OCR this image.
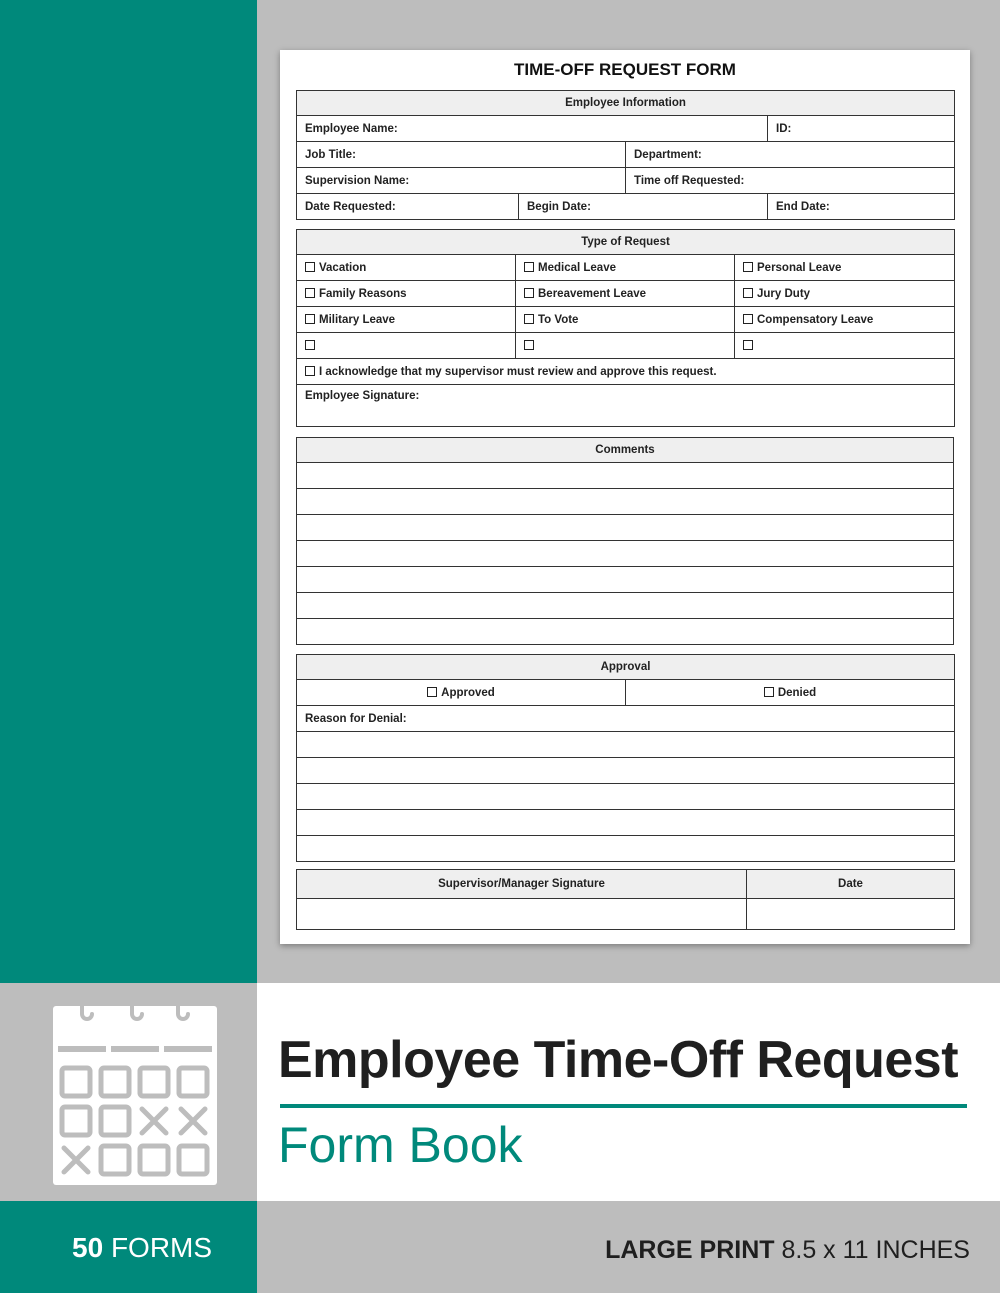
TIME-OFF REQUEST FORM
Employee Information			
Employee Name:			ID:
Job Title:		Department:	
Supervision Name:		Time off Requested:	
Date Requested:	Begin Date:		End Date:
Type of Request		
Vacation	Medical Leave	Personal Leave
Family Reasons	Bereavement Leave	Jury Duty
Military Leave	To Vote	Compensatory Leave

I acknowledge that my supervisor must review and approve this request.		
Employee Signature:		
Comments

Approval
Approved	Denied
Reason for Denial:

Supervisor/Manager Signature	Date

Employee Time-Off Request
Form Book
50 FORMS	LARGE PRINT 8.5 x 11 INCHES
